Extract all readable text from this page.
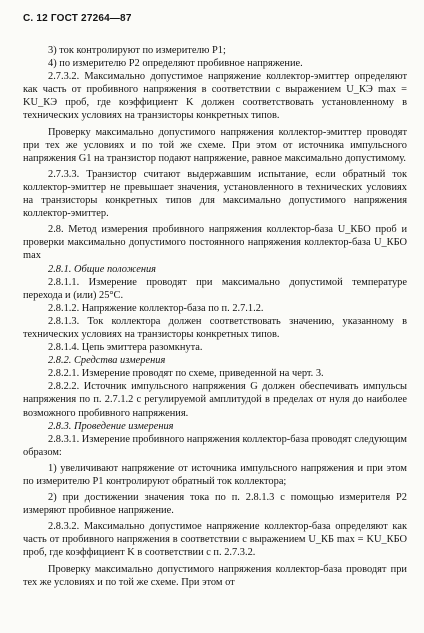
С. 12 ГОСТ 27264—87

3) ток контролируют по измерителю P1;

4) по измерителю P2 определяют пробивное напряжение.

2.7.3.2. Максимально допустимое напряжение коллектор-эмиттер определяют как часть от пробивного напряжения в соответствии с выражением U_КЭ max = KU_КЭ проб, где коэффициент K должен соответствовать установленному в технических условиях на транзисторы конкретных типов.

Проверку максимально допустимого напряжения коллектор-эмиттер проводят при тех же условиях и по той же схеме. При этом от источника импульсного напряжения G1 на транзистор подают напряжение, равное максимально допустимому.

2.7.3.3. Транзистор считают выдержавшим испытание, если обратный ток коллектор-эмиттер не превышает значения, установленного в технических условиях на транзисторы конкретных типов для максимально допустимого напряжения коллектор-эмиттер.

2.8. Метод измерения пробивного напряжения коллектор-база U_КБО проб и проверки максимально допустимого постоянного напряжения коллектор-база U_КБО max

2.8.1. Общие положения

2.8.1.1. Измерение проводят при максимально допустимой температуре перехода и (или) 25°С.

2.8.1.2. Напряжение коллектор-база по п. 2.7.1.2.

2.8.1.3. Ток коллектора должен соответствовать значению, указанному в технических условиях на транзисторы конкретных типов.

2.8.1.4. Цепь эмиттера разомкнута.

2.8.2. Средства измерения

2.8.2.1. Измерение проводят по схеме, приведенной на черт. 3.

2.8.2.2. Источник импульсного напряжения G должен обеспечивать импульсы напряжения по п. 2.7.1.2 с регулируемой амплитудой в пределах от нуля до наиболее возможного пробивного напряжения.

2.8.3. Проведение измерения

2.8.3.1. Измерение пробивного напряжения коллектор-база проводят следующим образом:

1) увеличивают напряжение от источника импульсного напряжения и при этом по измерителю P1 контролируют обратный ток коллектора;

2) при достижении значения тока по п. 2.8.1.3 с помощью измерителя P2 измеряют пробивное напряжение.

2.8.3.2. Максимально допустимое напряжение коллектор-база определяют как часть от пробивного напряжения в соответствии с выражением U_КБ max = KU_КБО проб, где коэффициент K в соответствии с п. 2.7.3.2.

Проверку максимально допустимого напряжения коллектор-база проводят при тех же условиях и по той же схеме. При этом от
